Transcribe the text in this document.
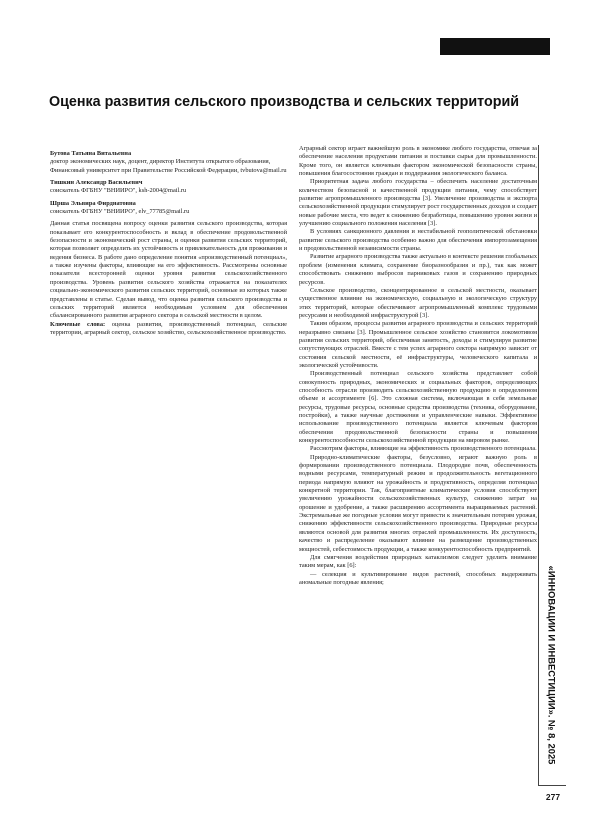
Оценка развития сельского производства и сельских территорий
Бутова Татьяна Витальевна
доктор экономических наук, доцент, директор Института открытого образования, Финансовый университет при Правительстве Российской Федерации, tvbutova@mail.ru
Тишкин Александр Васильевич
соискатель ФГБНУ "ВНИИРО", ksh-2004@mail.ru
Шрша Эльвира Фирднатовна
соискатель ФГБНУ "ВНИИРО", elv_77785@mail.ru

Данная статья посвящена вопросу оценки развития сельского производства, которая показывает его конкурентоспособность и вклад в обеспечение продовольственной безопасности и экономический рост страны, и оценки развития сельских территорий, которая позволяет определить их устойчивость и привлекательность для проживания и ведения бизнеса. В работе дано определение понятия «производственный потенциал», а также изучены факторы, влияющие на его эффективность. Рассмотрены основные показатели всесторонней оценки уровня развития сельскохозяйственного производства. Уровень развития сельского хозяйства отражается на показателях социально-экономического развития сельских территорий, основные из которых также представлены в статье. Сделан вывод, что оценка развития сельского производства и сельских территорий является необходимым условием для обеспечения сбалансированного развития аграрного сектора в сельской местности в целом.

Ключевые слова: оценка развития, производственный потенциал, сельские территории, аграрный сектор, сельское хозяйство, сельскохозяйственное производство.

Аграрный сектор играет важнейшую роль в экономике любого государства, отвечая за обеспечение населения продуктами питания и поставки сырья для промышленности. Кроме того, он является ключевым фактором экономической безопасности страны, повышения благосостояния граждан и поддержания экологического баланса.

Приоритетная задача любого государства – обеспечить население достаточным количеством безопасной и качественной продукции питания, чему способствует развитие агропромышленного производства [3]. Увеличение производства и экспорта сельскохозяйственной продукции стимулирует рост государственных доходов и создает новые рабочие места, что ведет к снижению безработицы, повышению уровня жизни и улучшению социального положения населения [3].

В условиях санкционного давления и нестабильной геополитической обстановки развитие сельского производства особенно важно для обеспечения импортозамещения и продовольственной независимости страны.

Развитие аграрного производства также актуально в контексте решения глобальных проблем (изменения климата, сохранение биоразнообразия и пр.), так как может способствовать снижению выбросов парниковых газов и сохранению природных ресурсов.

Сельское производство, сконцентрированное в сельской местности, оказывает существенное влияние на экономическую, социальную и экологическую структуру этих территорий, которые обеспечивают агропромышленный комплекс трудовыми ресурсами и необходимой инфраструктурой [3].

Таким образом, процессы развития аграрного производства и сельских территорий неразрывно связаны [3]. Промышленное сельское хозяйство становится локомотивом развития сельских территорий, обеспечивая занятость, доходы и стимулируя развитие сопутствующих отраслей. Вместе с тем успех аграрного сектора напрямую зависит от состояния сельской местности, её инфраструктуры, человеческого капитала и экологической устойчивости.

Производственный потенциал сельского хозяйства представляет собой совокупность природных, экономических и социальных факторов, определяющих способность отрасли производить сельскохозяйственную продукцию в определенном объеме и ассортименте [6]. Это сложная система, включающая в себя земельные ресурсы, трудовые ресурсы, основные средства производства (техника, оборудование, постройки), а также научные достижения и управленческие навыки. Эффективное использование производственного потенциала является ключевым фактором обеспечения продовольственной безопасности страны и повышения конкурентоспособности сельскохозяйственной продукции на мировом рынке.

Рассмотрим факторы, влияющие на эффективность производственного потенциала.

Природно-климатические факторы, безусловно, играют важную роль в формировании производственного потенциала. Плодородие почв, обеспеченность водными ресурсами, температурный режим и продолжительность вегетационного периода напрямую влияют на урожайность и продуктивность, определяя потенциал конкретной территории. Так, благоприятные климатические условия способствуют увеличению урожайности сельскохозяйственных культур, снижению затрат на орошение и удобрение, а также расширению ассортимента выращиваемых растений. Экстремальные же погодные условия могут привести к значительным потерям урожая, снижению эффективности сельскохозяйственного производства. Природные ресурсы являются основой для развития многих отраслей промышленности. Их доступность, качество и распределение оказывают влияние на размещение производственных мощностей, себестоимость продукции, а также конкурентоспособность предприятий.

Для смягчения воздействия природных катаклизмов следует уделить внимание таким мерам, как [6]:

— селекция и культивирование видов растений, способных выдерживать аномальные погодные явления;	«ИННОВАЦИИ И ИНВЕСТИЦИИ». № 8, 2025
277
